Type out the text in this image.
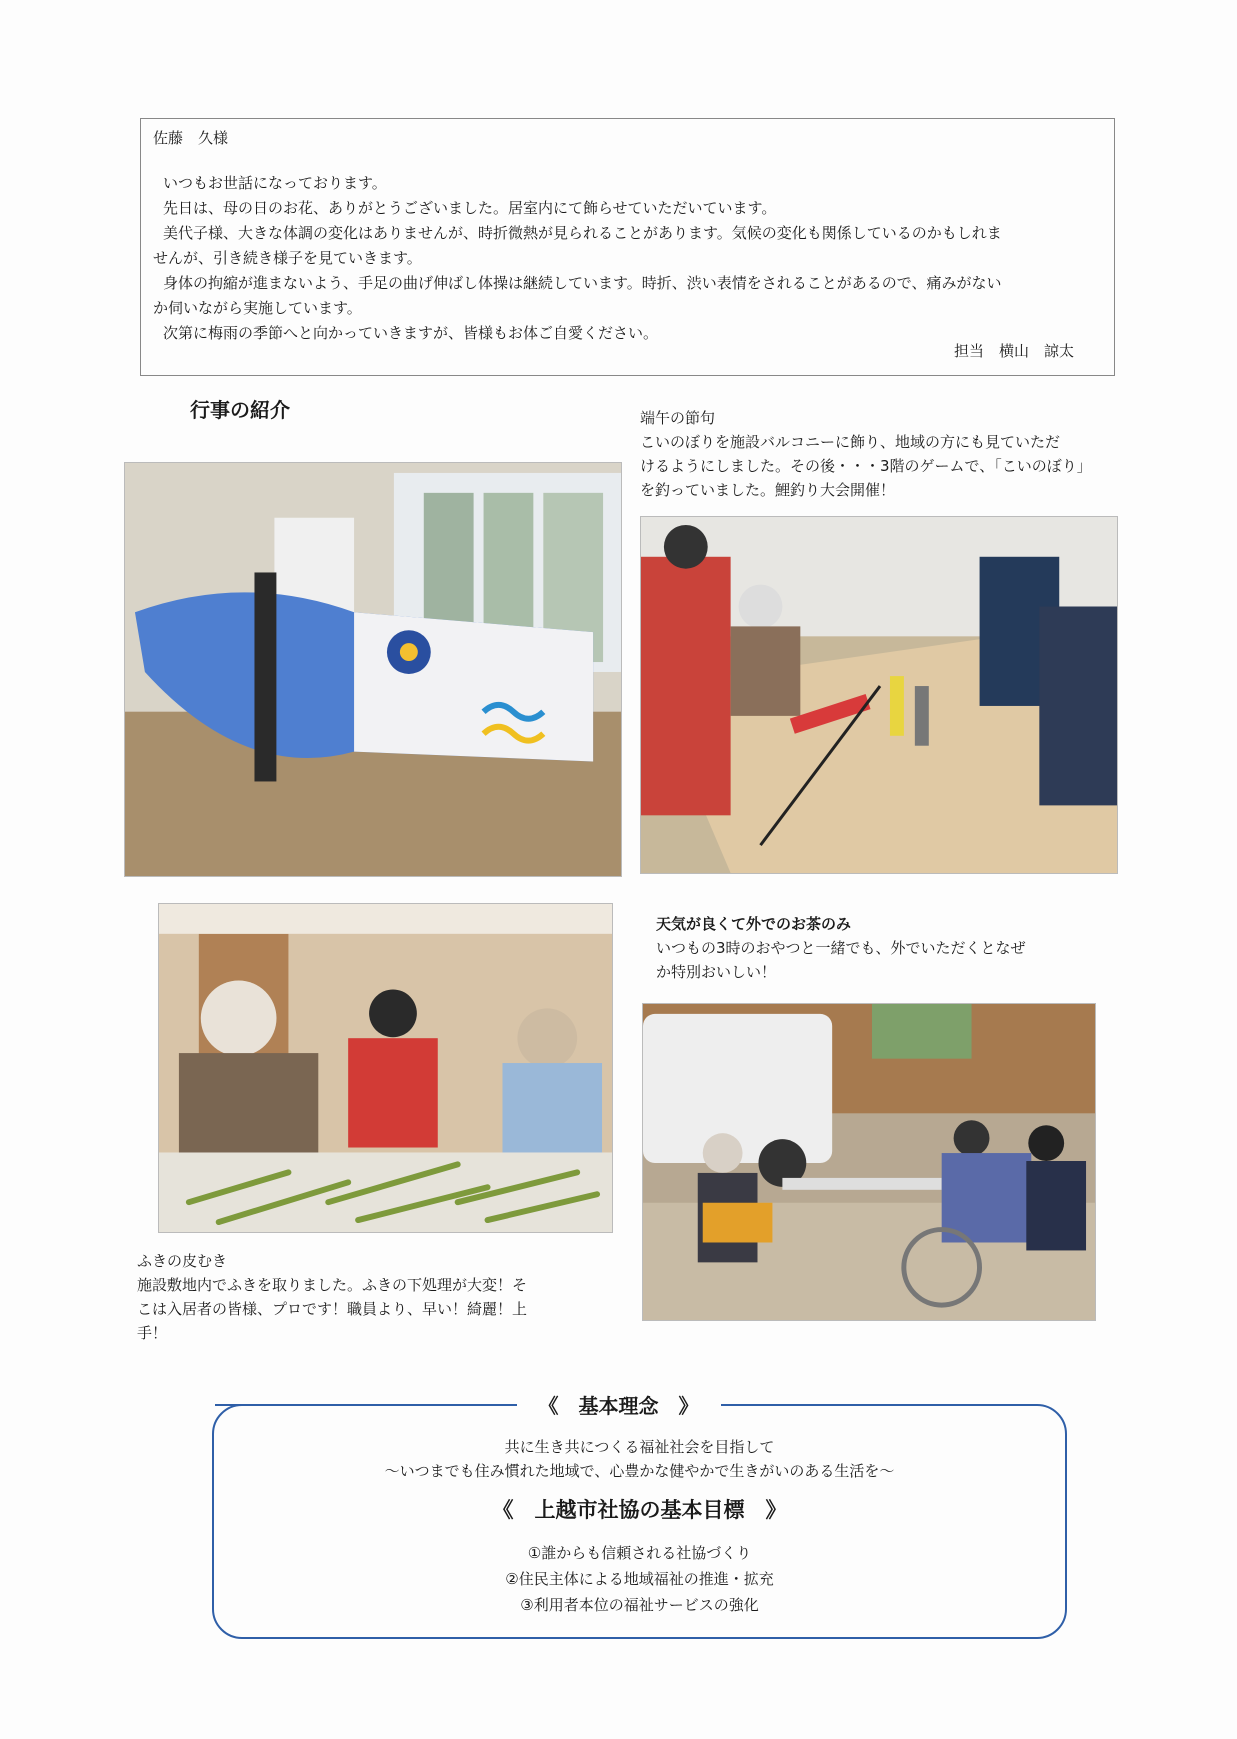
佐藤　久様

いつもお世話になっております。

先日は、母の日のお花、ありがとうございました。居室内にて飾らせていただいています。

美代子様、大きな体調の変化はありませんが、時折微熱が見られることがあります。気候の変化も関係しているのかもしれま

せんが、引き続き様子を見ていきます。

身体の拘縮が進まないよう、手足の曲げ伸ばし体操は継続しています。時折、渋い表情をされることがあるので、痛みがない

か伺いながら実施しています。

次第に梅雨の季節へと向かっていきますが、皆様もお体ご自愛ください。

担当　横山　諒太
行事の紹介	端午の節句
こいのぼりを施設バルコニーに飾り、地域の方にも見ていただ
けるようにしました。その後・・・3階のゲームで、「こいのぼり」
を釣っていました。鯉釣り大会開催！
天気が良くて外でのお茶のみ
いつもの3時のおやつと一緒でも、外でいただくとなぜ
か特別おいしい！
ふきの皮むき
施設敷地内でふきを取りました。ふきの下処理が大変！そ
こは入居者の皆様、プロです！職員より、早い！綺麗！上
手！
《　基本理念　》
共に生き共につくる福祉社会を目指して
～いつまでも住み慣れた地域で、心豊かな健やかで生きがいのある生活を～
《　上越市社協の基本目標　》
①誰からも信頼される社協づくり
②住民主体による地域福祉の推進・拡充
③利用者本位の福祉サービスの強化
